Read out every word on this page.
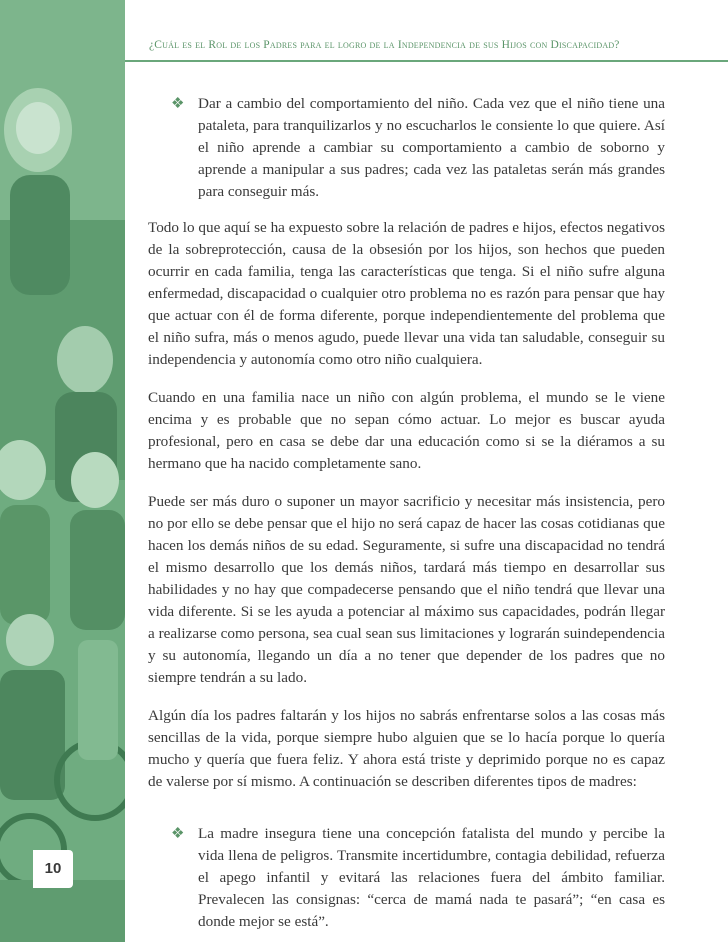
¿Cuál es el Rol de los Padres para el logro de la Independencia de sus Hijos con Discapacidad?
❖ Dar a cambio del comportamiento del niño. Cada vez que el niño tiene una pataleta, para tranquilizarlos y no escucharlos le consiente lo que quiere. Así el niño aprende a cambiar su comportamiento a cambio de soborno y aprende a manipular a sus padres; cada vez las pataletas serán más grandes para conseguir más.

Todo lo que aquí se ha expuesto sobre la relación de padres e hijos, efectos negativos de la sobreprotección, causa de la obsesión por los hijos, son hechos que pueden ocurrir en cada familia, tenga las características que tenga. Si el niño sufre alguna enfermedad, discapacidad o cualquier otro problema no es razón para pensar que hay que actuar con él de forma diferente, porque independientemente del problema que el niño sufra, más o menos agudo, puede llevar una vida tan saludable, conseguir su independencia y autonomía como otro niño cualquiera.

Cuando en una familia nace un niño con algún problema, el mundo se le viene encima y es probable que no sepan cómo actuar. Lo mejor es buscar ayuda profesional, pero en casa se debe dar una educación como si se la diéramos a su hermano que ha nacido completamente sano.

Puede ser más duro o suponer un mayor sacrificio y necesitar más insistencia, pero no por ello se debe pensar que el hijo no será capaz de hacer las cosas cotidianas que hacen los demás niños de su edad. Seguramente, si sufre una discapacidad no tendrá el mismo desarrollo que los demás niños, tardará más tiempo en desarrollar sus habilidades y no hay que compadecerse pensando que el niño tendrá que llevar una vida diferente. Si se les ayuda a potenciar al máximo sus capacidades, podrán llegar a realizarse como persona, sea cual sean sus limitaciones y lograrán suindependencia y su autonomía, llegando un día a no tener que depender de los padres que no siempre tendrán a su lado.

Algún día los padres faltarán y los hijos no sabrás enfrentarse solos a las cosas más sencillas de la vida, porque siempre hubo alguien que se lo hacía porque lo quería mucho y quería que fuera feliz. Y ahora está triste y deprimido porque no es capaz de valerse por sí mismo. A continuación se describen diferentes tipos de madres:

❖ La madre insegura tiene una concepción fatalista del mundo y percibe la vida llena de peligros. Transmite incertidumbre, contagia debilidad, refuerza el apego infantil y evitará las relaciones fuera del ámbito familiar. Prevalecen las consignas: “cerca de mamá nada te pasará”; “en casa es donde mejor se está”.
10
